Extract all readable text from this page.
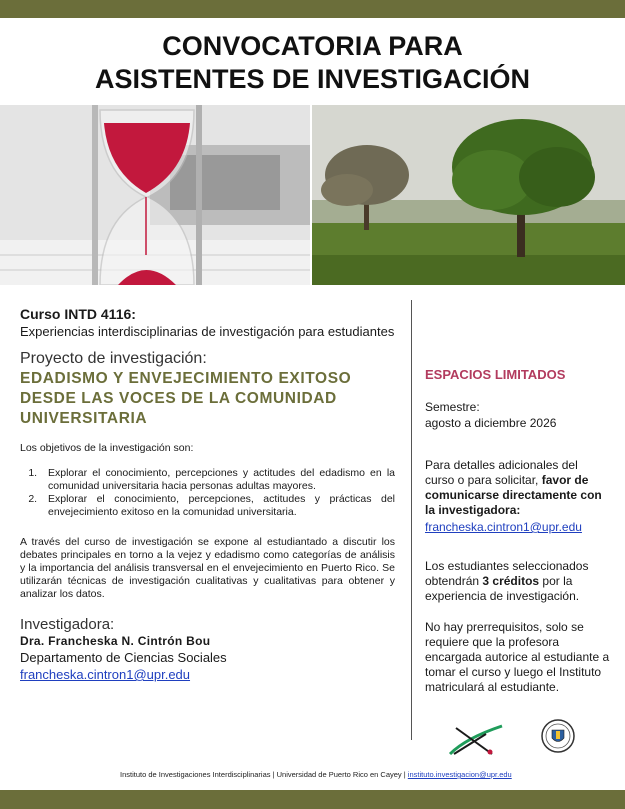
CONVOCATORIA PARA
ASISTENTES DE INVESTIGACIÓN
Curso INTD 4116:
Experiencias interdisciplinarias de investigación para estudiantes
Proyecto de investigación:
EDADISMO Y ENVEJECIMIENTO EXITOSO DESDE LAS VOCES DE LA COMUNIDAD UNIVERSITARIA
Los objetivos de la investigación son:
1. Explorar el conocimiento, percepciones y actitudes del edadismo en la comunidad universitaria hacia personas adultas mayores.
2. Explorar el conocimiento, percepciones, actitudes y prácticas del envejecimiento exitoso en la comunidad universitaria.
A través del curso de investigación se expone al estudiantado a discutir los debates principales en torno a la vejez y edadismo como categorías de análisis y la importancia del análisis transversal en el envejecimiento en Puerto Rico. Se utilizarán técnicas de investigación cualitativas y cualitativas para obtener y analizar los datos.
Investigadora:
Dra. Francheska N. Cintrón Bou
Departamento de Ciencias Sociales
francheska.cintron1@upr.edu
ESPACIOS LIMITADOS
Semestre:
agosto a diciembre 2026
Para detalles adicionales del curso o para solicitar, favor de comunicarse directamente con la investigadora:
francheska.cintron1@upr.edu
Los estudiantes seleccionados obtendrán 3 créditos por la experiencia de investigación.
No hay prerrequisitos, solo se requiere que la profesora encargada autorice al estudiante a tomar el curso y luego el Instituto matriculará al estudiante.
Instituto de Investigaciones Interdisciplinarias | Universidad de Puerto Rico en Cayey | instituto.investigacion@upr.edu
